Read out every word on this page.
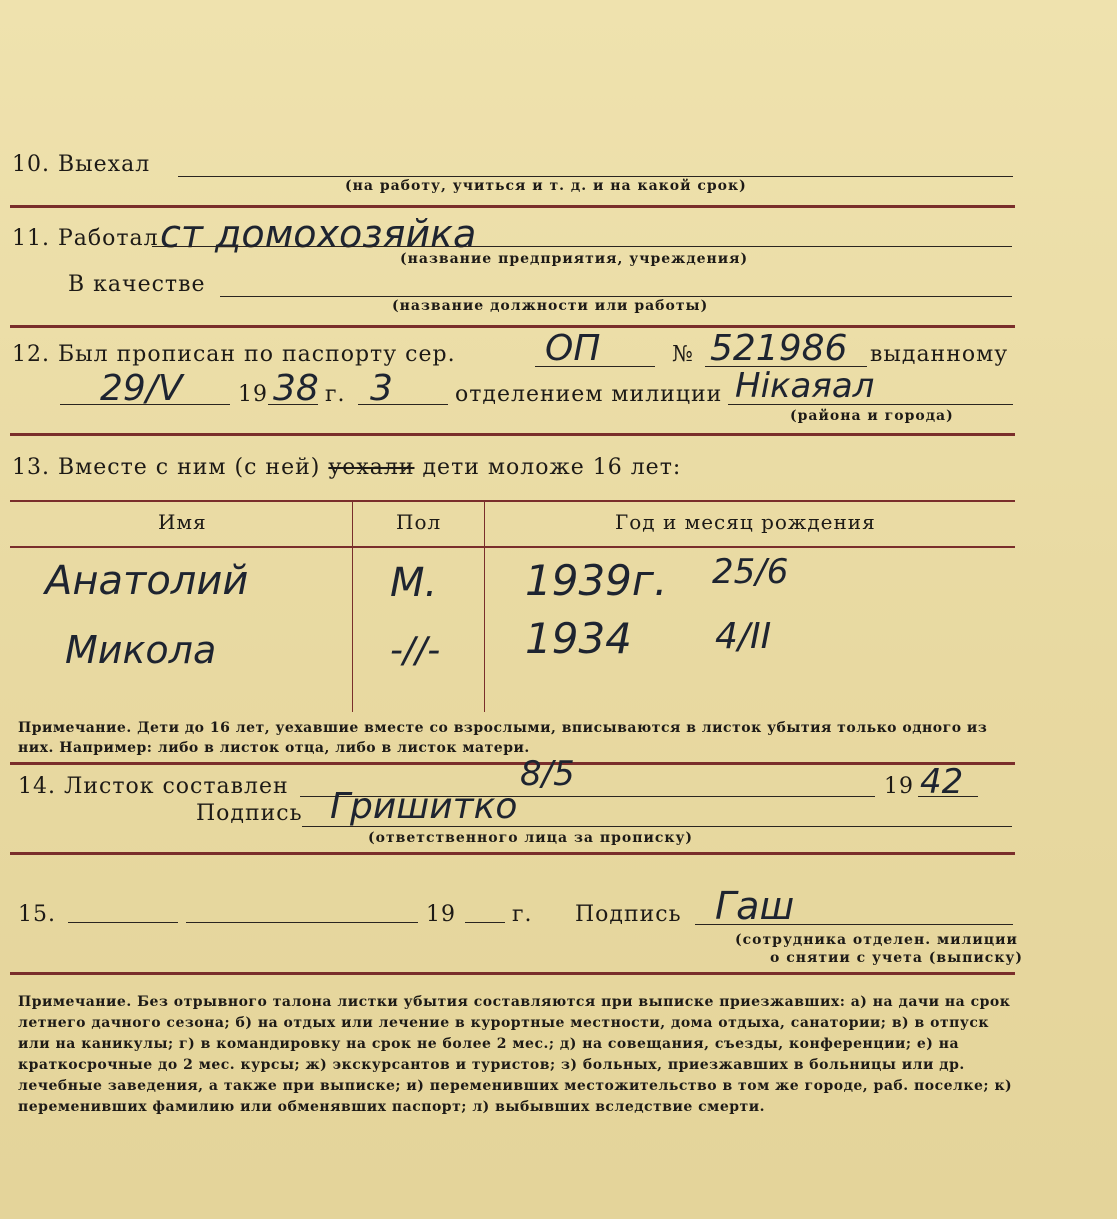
10. Выехал
(на работу, учиться и т. д. и на какой срок)
11. Работал ст домохозяйка
(название предприятия, учреждения)
В качестве
(название должности или работы)
12. Был прописан по паспорту сер. ОП	№ 521986 выданному
29/V	19 38 г. 3	отделением милиции Нікаяал
(района и города)
13. Вместе с ним (с ней) уехали дети моложе 16 лет:
Имя	Пол	Год и месяц рождения
Анатолий	М. 1939г. 25/6
Микола	-//- 1934 4/II
Примечание. Дети до 16 лет, уехавшие вместе со взрослыми, вписываются в листок убытия только одного из них. Например: либо в листок отца, либо в листок матери.
14. Листок составлен	8/5	19 42
Подпись Гришитко
(ответственного лица за прописку)
15.	19	г. Подпись Гаш
(сотрудника отделен. милиции
о снятии с учета (выписку)
Примечание. Без отрывного талона листки убытия составляются при выписке приезжавших: а) на дачи на срок летнего дачного сезона; б) на отдых или лечение в курортные местности, дома отдыха, санатории; в) в отпуск или на каникулы; г) в командировку на срок не более 2 мес.; д) на совещания, съезды, конференции; е) на краткосрочные до 2 мес. курсы; ж) экскурсантов и туристов; з) больных, приезжавших в больницы или др. лечебные заведения, а также при выписке; и) переменивших местожительство в том же городе, раб. поселке; к) переменивших фамилию или обменявших паспорт; л) выбывших вследствие смерти.
